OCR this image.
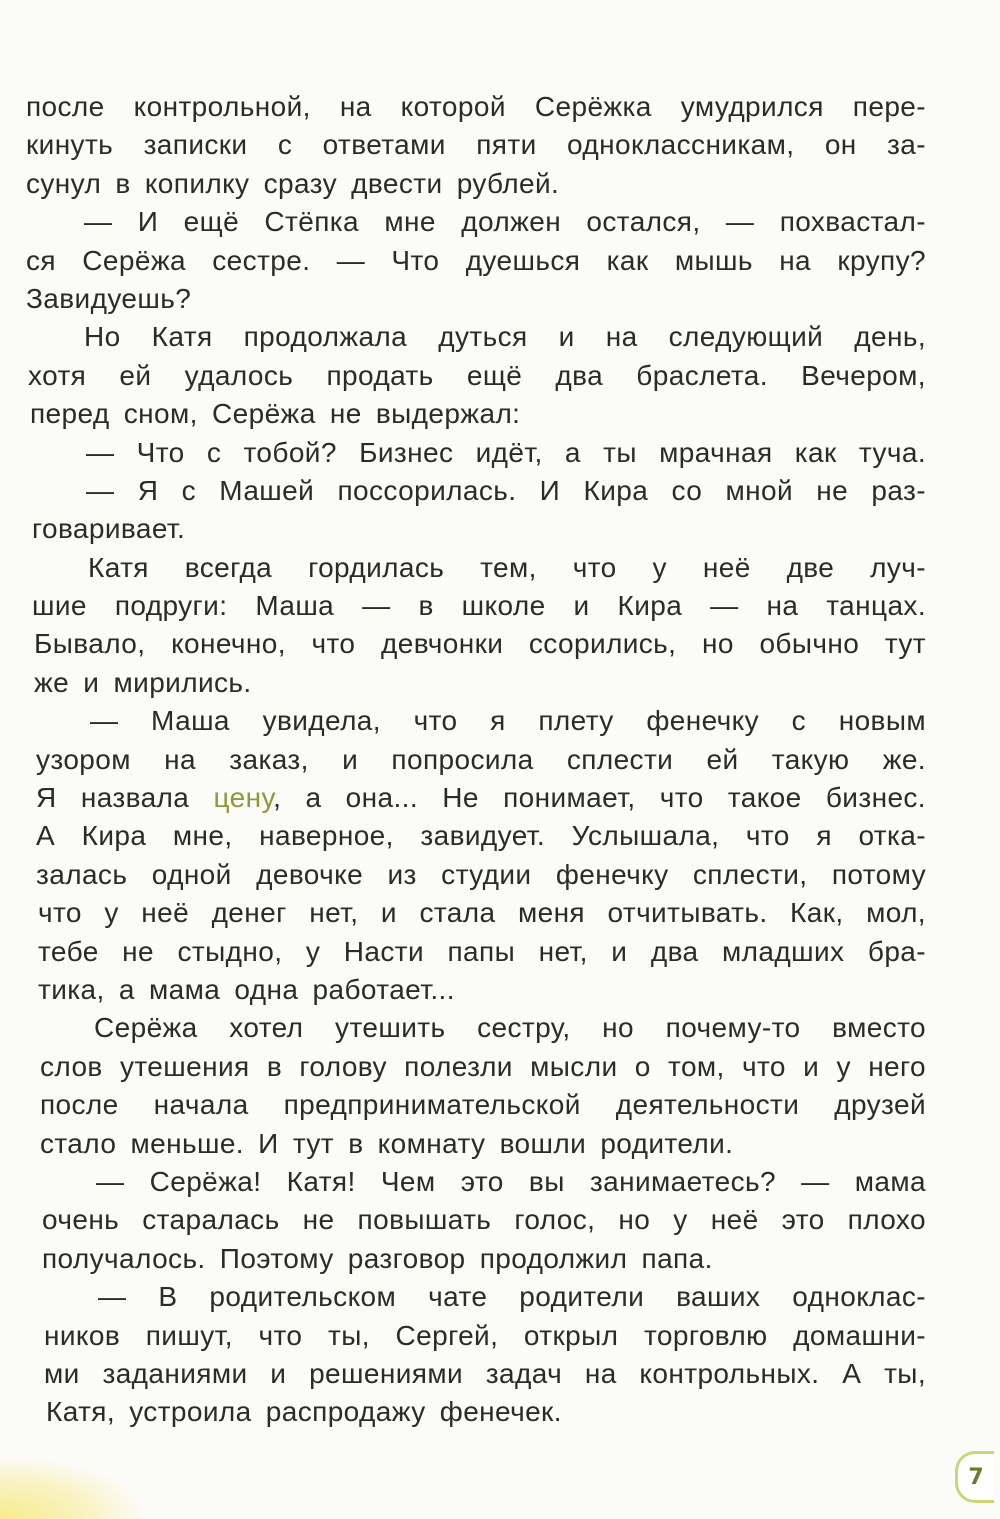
после контрольной, на которой Серёжка умудрился пере-
кинуть записки с ответами пяти одноклассникам, он за-
сунул в копилку сразу двести рублей.
— И ещё Стёпка мне должен остался, — похвастал-
ся Серёжа сестре. — Что дуешься как мышь на крупу?
Завидуешь?
Но Катя продолжала дуться и на следующий день,
хотя ей удалось продать ещё два браслета. Вечером,
перед сном, Серёжа не выдержал:
— Что с тобой? Бизнес идёт, а ты мрачная как туча.
— Я с Машей поссорилась. И Кира со мной не раз-
говаривает.
Катя всегда гордилась тем, что у неё две луч-
шие подруги: Маша — в школе и Кира — на танцах.
Бывало, конечно, что девчонки ссорились, но обычно тут
же и мирились.
— Маша увидела, что я плету фенечку с новым
узором на заказ, и попросила сплести ей такую же.
Я назвала цену, а она... Не понимает, что такое бизнес.
А Кира мне, наверное, завидует. Услышала, что я отка-
залась одной девочке из студии фенечку сплести, потому
что у неё денег нет, и стала меня отчитывать. Как, мол,
тебе не стыдно, у Насти папы нет, и два младших бра-
тика, а мама одна работает...
Серёжа хотел утешить сестру, но почему-то вместо
слов утешения в голову полезли мысли о том, что и у него
после начала предпринимательской деятельности друзей
стало меньше. И тут в комнату вошли родители.
— Серёжа! Катя! Чем это вы занимаетесь? — мама
очень старалась не повышать голос, но у неё это плохо
получалось. Поэтому разговор продолжил папа.
— В родительском чате родители ваших одноклас-
ников пишут, что ты, Сергей, открыл торговлю домашни-
ми заданиями и решениями задач на контрольных. А ты,
Катя, устроила распродажу фенечек.
7
